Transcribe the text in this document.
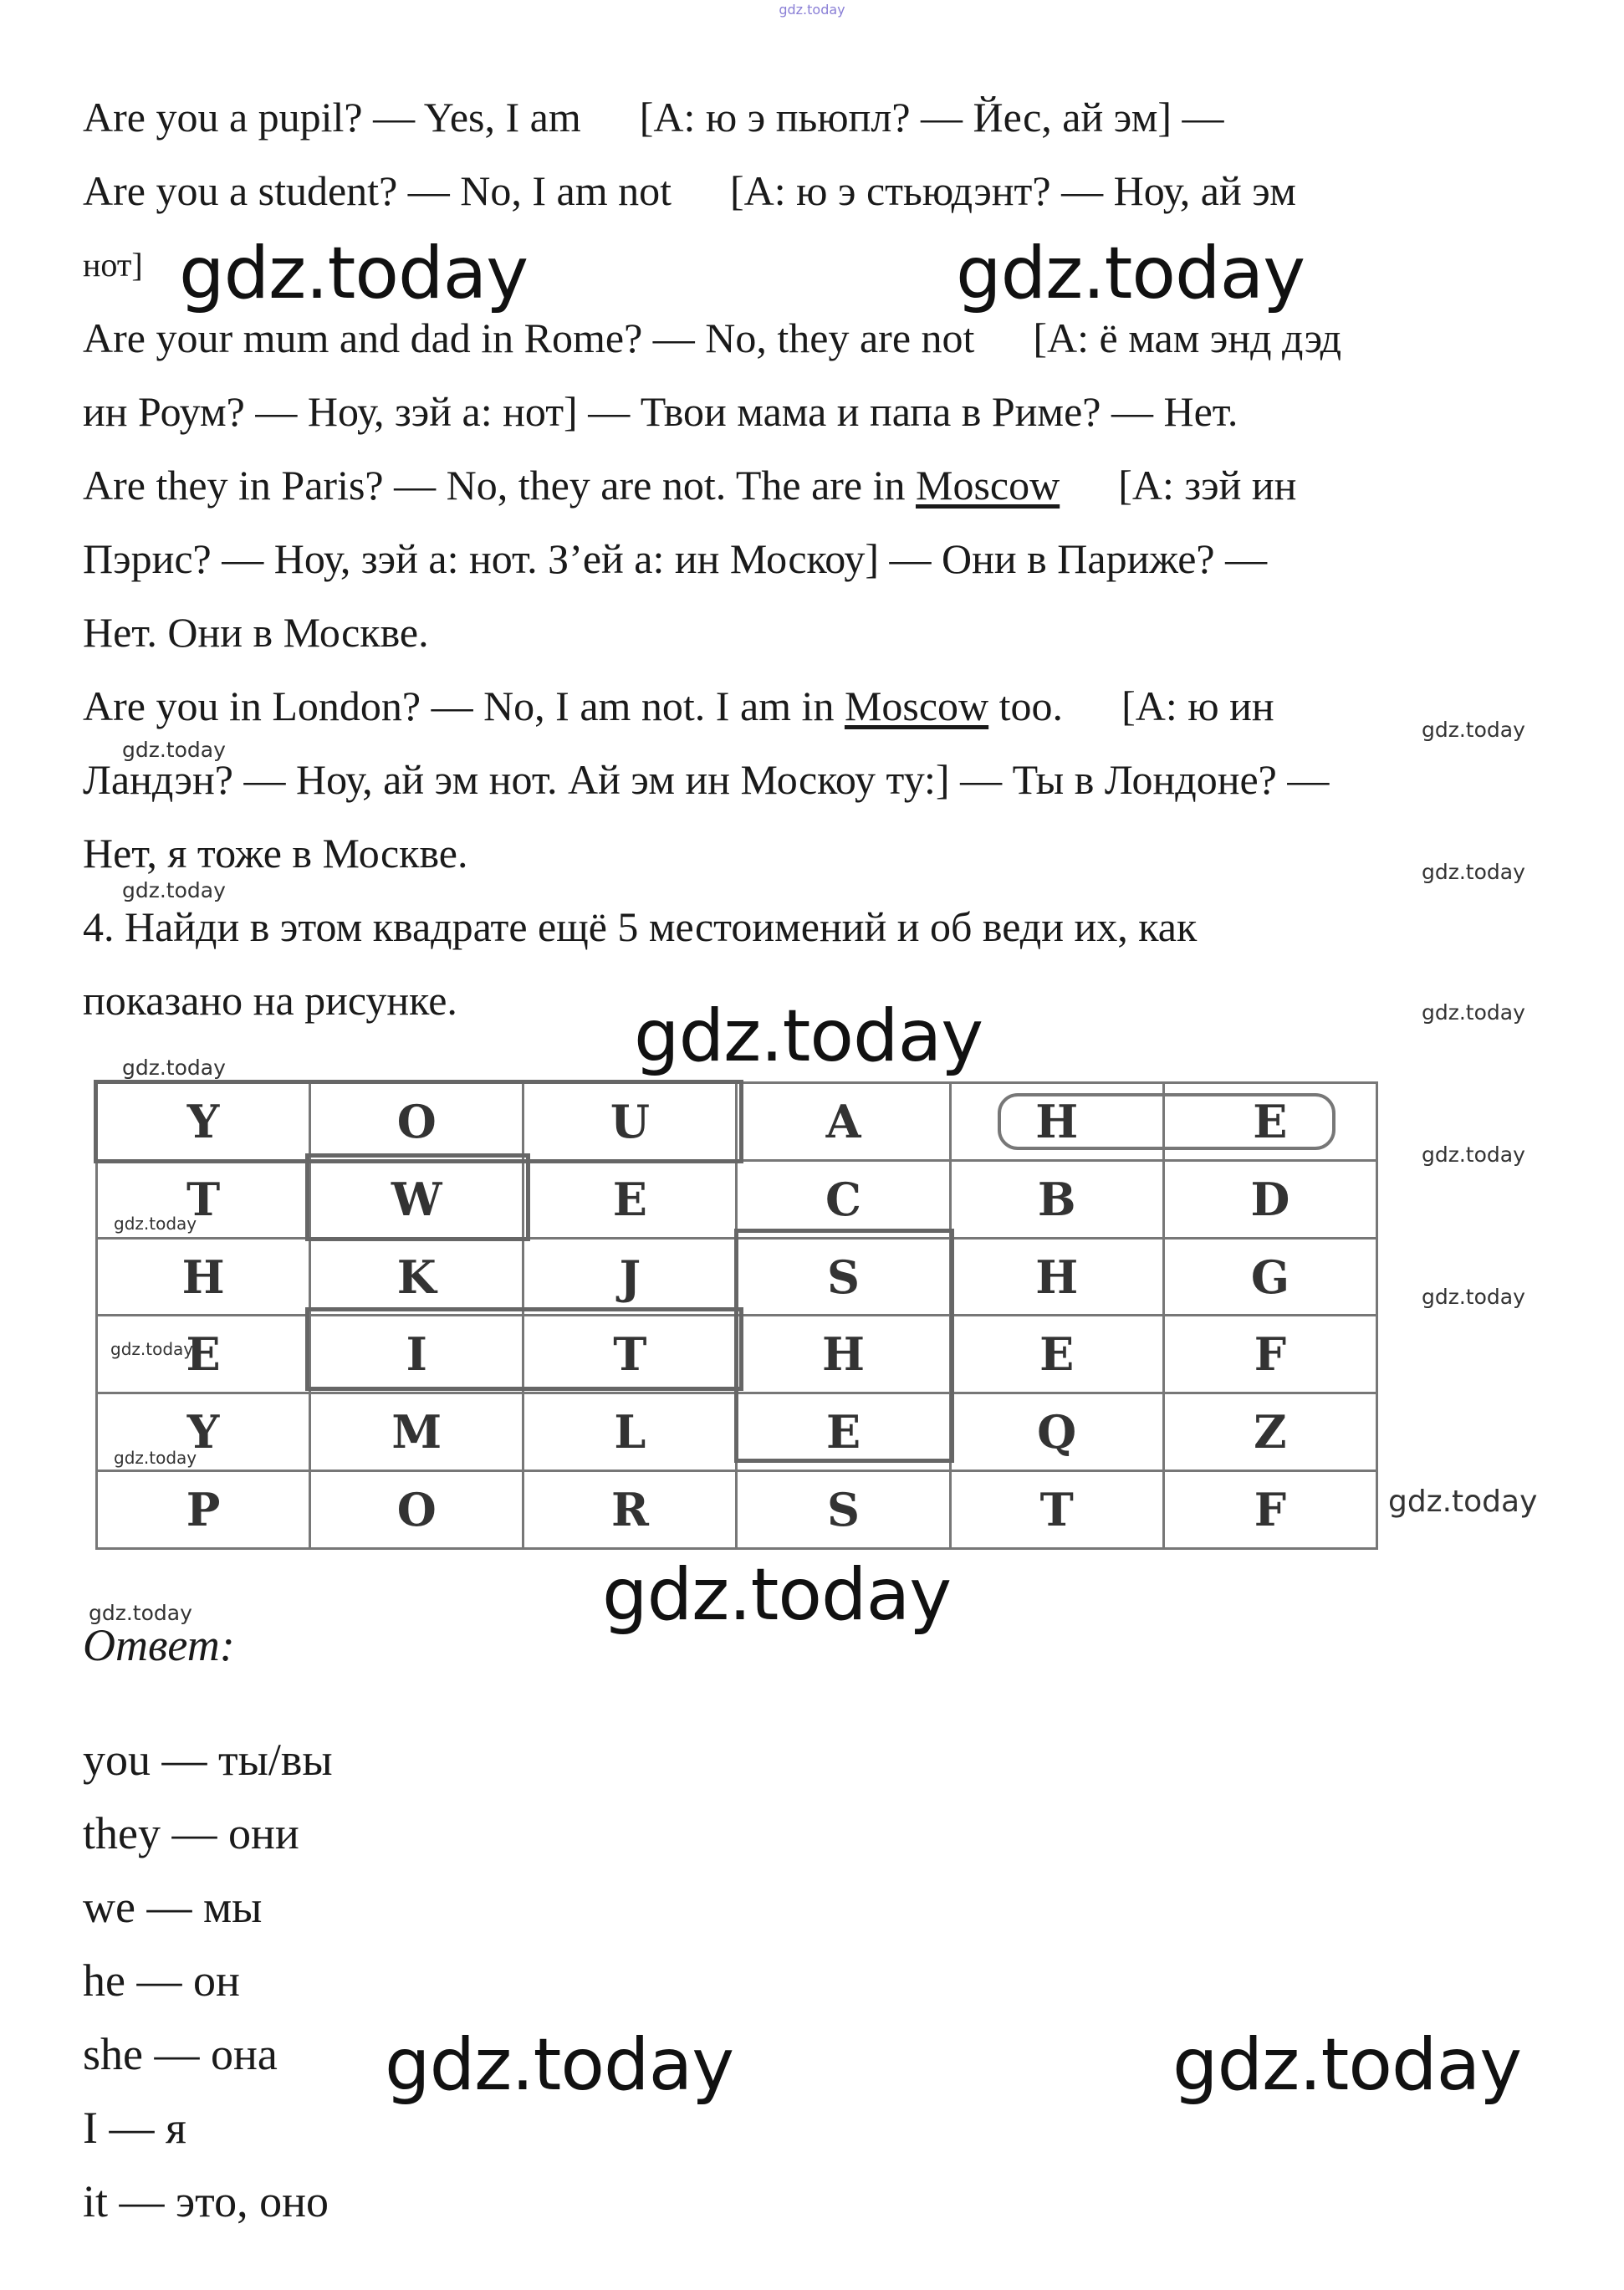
gdz.today
Are you a pupil? — Yes, I am [А: ю э пьюпл? — Йес, ай эм] —
Are you a student? — No, I am not [А: ю э стьюдэнт? — Ноу, ай эм
нот]
Are your mum and dad in Rome? — No, they are not [А: ё мам энд дэд
ин Роум? — Ноу, зэй а: нот] — Твои мама и папа в Риме? — Нет.
Are they in Paris? — No, they are not. The are in Moscow [А: зэй ин
Пэрис? — Ноу, зэй а: нот. З’ей а: ин Москоу] — Они в Париже? —
Нет. Они в Москве.
Are you in London? — No, I am not. I am in Moscow too. [А: ю ин
Ландэн? — Ноу, ай эм нот. Ай эм ин Москоу ту:] — Ты в Лондоне? —
Нет, я тоже в Москве.
4. Найди в этом квадрате ещё 5 местоимений и об веди их, как
показано на рисунке.
Y	O	U	A	H	E
T	W	E	C	B	D
H	K	J	S	H	G
E	I	T	H	E	F
Y	M	L	E	Q	Z
P	O	R	S	T	F
Ответ:
you — ты/вы
they — они
we — мы
he — он
she — она
I — я
it — это, оно
gdz.today	gdz.today
gdz.today
gdz.today
gdz.today	gdz.today
gdz.today
gdz.today
gdz.today
gdz.today
gdz.today
gdz.today
gdz.today
gdz.today
gdz.today
gdz.today
gdz.today
gdz.today
gdz.today
